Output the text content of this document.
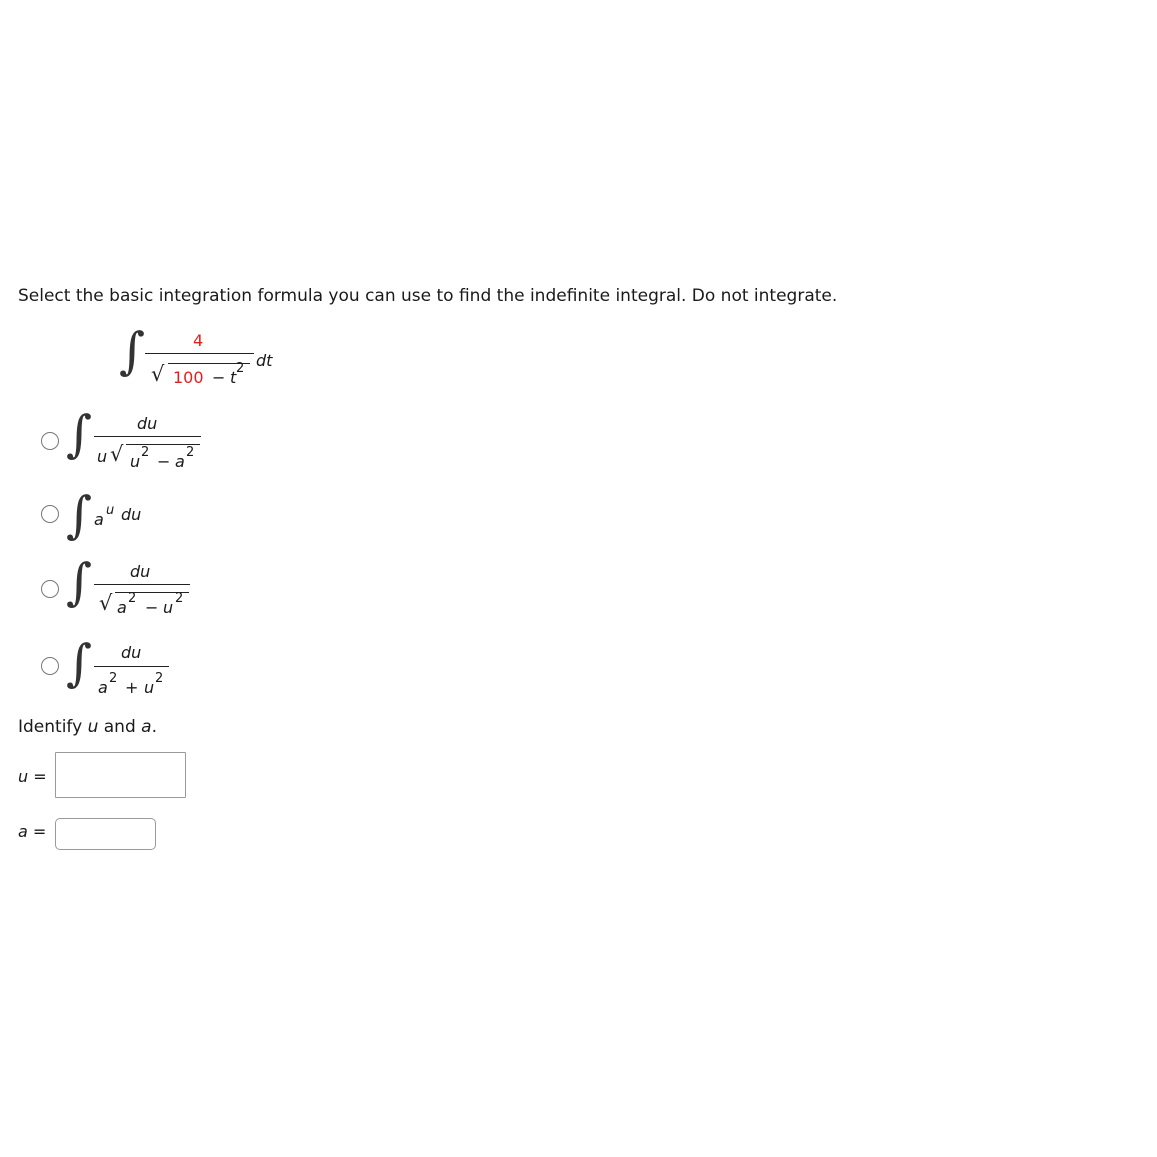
Select the basic integration formula you can use to find the indefinite integral. Do not integrate.
∫	4
√ 100 − t 2 dt
∫	du
u √ u 2 − a 2
∫ a u du
∫ du
√ a 2 − u 2
∫ du
a 2 + u 2
Identify u and a.
u =
a =
